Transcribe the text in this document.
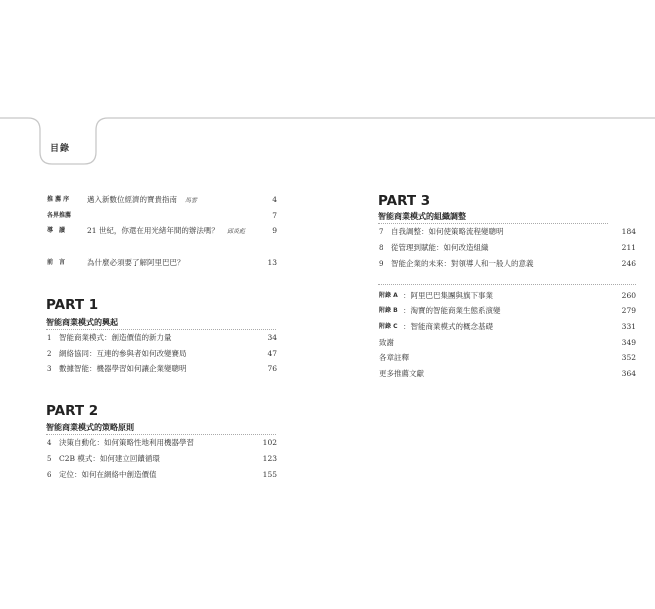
目錄
推 薦 序 邁入新數位經濟的寶貴指南 馬雲	4
各界推薦	7
導　讀	21 世紀，你還在用光緒年間的辦法嗎？ 邱炎彪	9
前　言	為什麼必須要了解阿里巴巴？	13
PART 1
智能商業模式的興起
1 智能商業模式：創造價值的新力量	34
2 網絡協同：互連的參與者如何改變賽局	47
3 數據智能：機器學習如何讓企業變聰明	76
PART 2
智能商業模式的策略原則
4 決策自動化：如何策略性地利用機器學習	102
5 C2B 模式：如何建立回饋循環	123
6 定位：如何在網絡中創造價值	155
PART 3
智能商業模式的組織調整
7 自我調整：如何使策略流程變聰明	184
8 從管理到賦能：如何改造組織	211
9 智能企業的未來：對領導人和一般人的意義	246
附錄 A ：阿里巴巴集團與旗下事業	260
附錄 B ：淘寶的智能商業生態系演變	279
附錄 C ：智能商業模式的概念基礎	331
致謝	349
各章註釋	352
更多推薦文獻	364
